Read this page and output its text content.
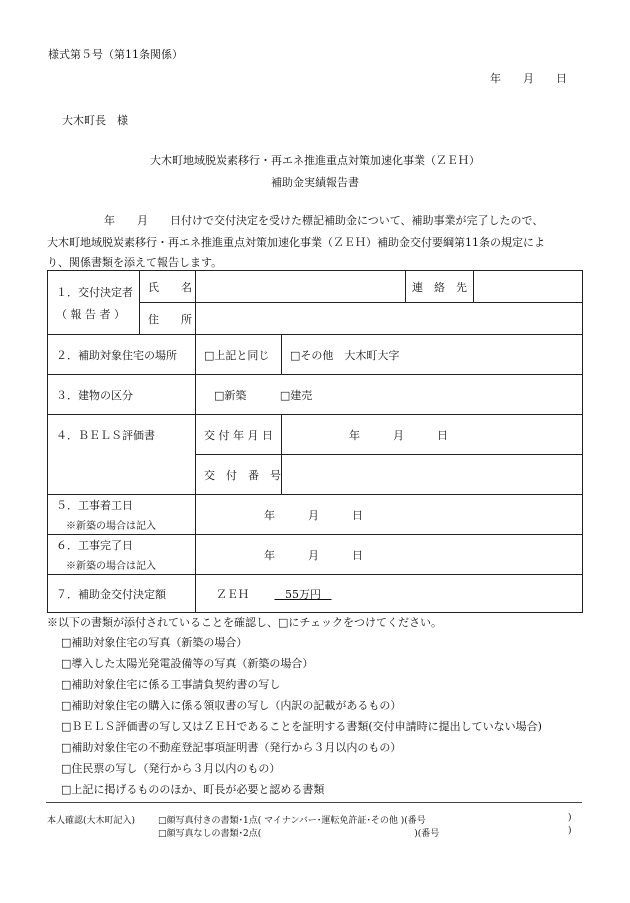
様式第５号（第11条関係）
年　　月　　日
大木町長　様
大木町地域脱炭素移行・再エネ推進重点対策加速化事業（ＺＥＨ）
補助金実績報告書
年　　月　　日付けで交付決定を受けた標記補助金について、補助事業が完了したので、
大木町地域脱炭素移行・再エネ推進重点対策加速化事業（ＺＥＨ）補助金交付要綱第11条の規定によ
り、関係書類を添えて報告します。
１．交付決定者
（ 報 告 者 ）	氏　　名			連　絡　先	
	住　　所				
２．補助対象住宅の場所		□上記と同じ	□その他　大木町大字		
３．建物の区分		□新築 □建売			
４．ＢＥＬＳ評価書		交 付 年 月 日	年　　　月　　　日		
		交　付　番　号			

５．工事着工日
※新築の場合は記入		年　　　月　　　日			

６．工事完了日
※新築の場合は記入		年　　　月　　　日			
７．補助金交付決定額		ＺＥＨ 55万円			
※以下の書類が添付されていることを確認し、□にチェックをつけてください。
□補助対象住宅の写真（新築の場合）
□導入した太陽光発電設備等の写真（新築の場合）
□補助対象住宅に係る工事請負契約書の写し
□補助対象住宅の購入に係る領収書の写し（内訳の記載があるもの）
□ＢＥＬＳ評価書の写し又はＺＥＨであることを証明する書類(交付申請時に提出していない場合)
□補助対象住宅の不動産登記事項証明書（発行から３月以内のもの）
□住民票の写し（発行から３月以内のもの）
□上記に掲げるもののほか、町長が必要と認める書類
本人確認(大木町記入)	□顔写真付きの書類･1点( マイナンバー･運転免許証･その他 )(番号	)
□顔写真なしの書類･2点(　　　　　　　　　　　　　　　　　)(番号	)
